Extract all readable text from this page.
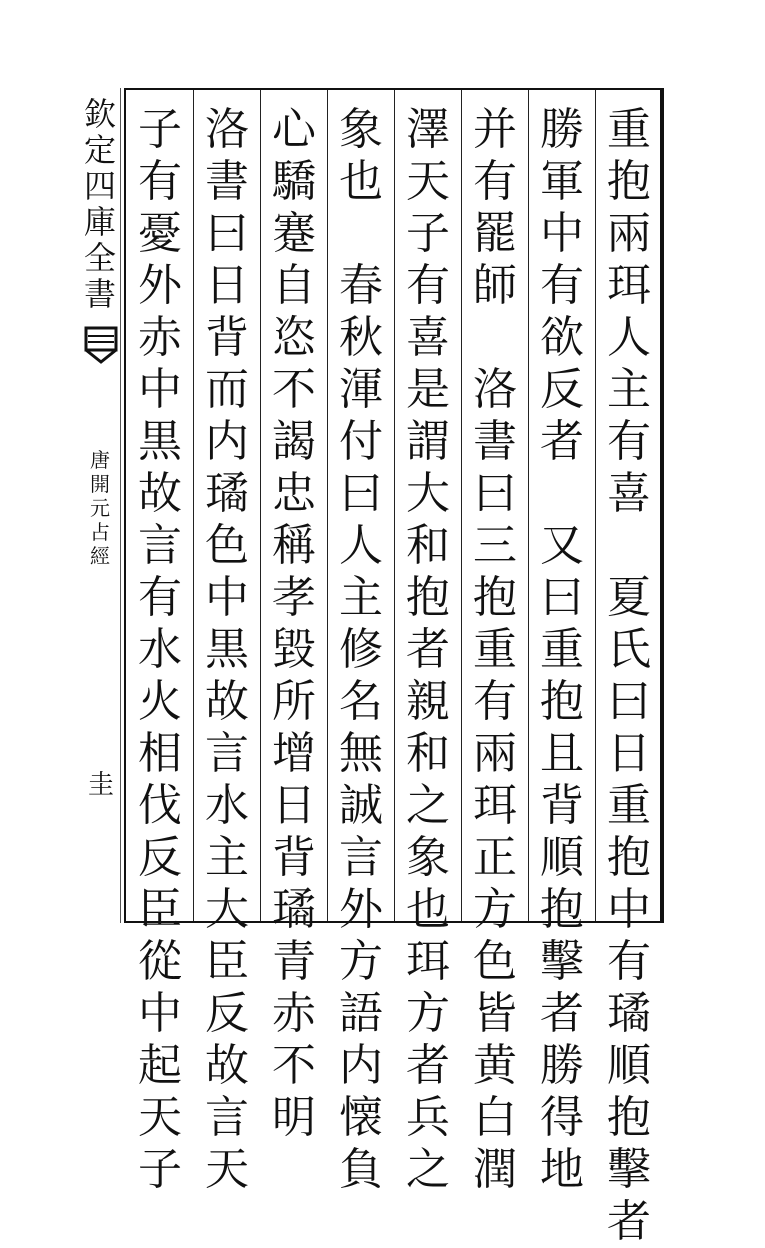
重
抱
兩
珥
人
主
有
喜
夏
氏
曰
日
重
抱
中
有
璚
順
抱
擊
者
勝
軍
中
有
欲
反
者
又
曰
重
抱
且
背
順
抱
擊
者
勝
得
地
并
有
罷
師
洛
書
曰
三
抱
重
有
兩
珥
正
方
色
皆
黄
白
潤
澤
天
子
有
喜
是
謂
大
和
抱
者
親
和
之
象
也
珥
方
者
兵
之
象
也
春
秋
渾
付
曰
人
主
修
名
無
誠
言
外
方
語
内
懐
負
心
驕
蹇
自
恣
不
謁
忠
稱
孝
毀
所
增
日
背
璚
青
赤
不
明
洛
書
曰
日
背
而
内
璚
色
中
黒
故
言
水
主
大
臣
反
故
言
天
子
有
憂
外
赤
中
黒
故
言
有
水
火
相
伐
反
臣
從
中
起
天
子
欽
定
四
庫
全
書
唐
開
元
占
經
圭
